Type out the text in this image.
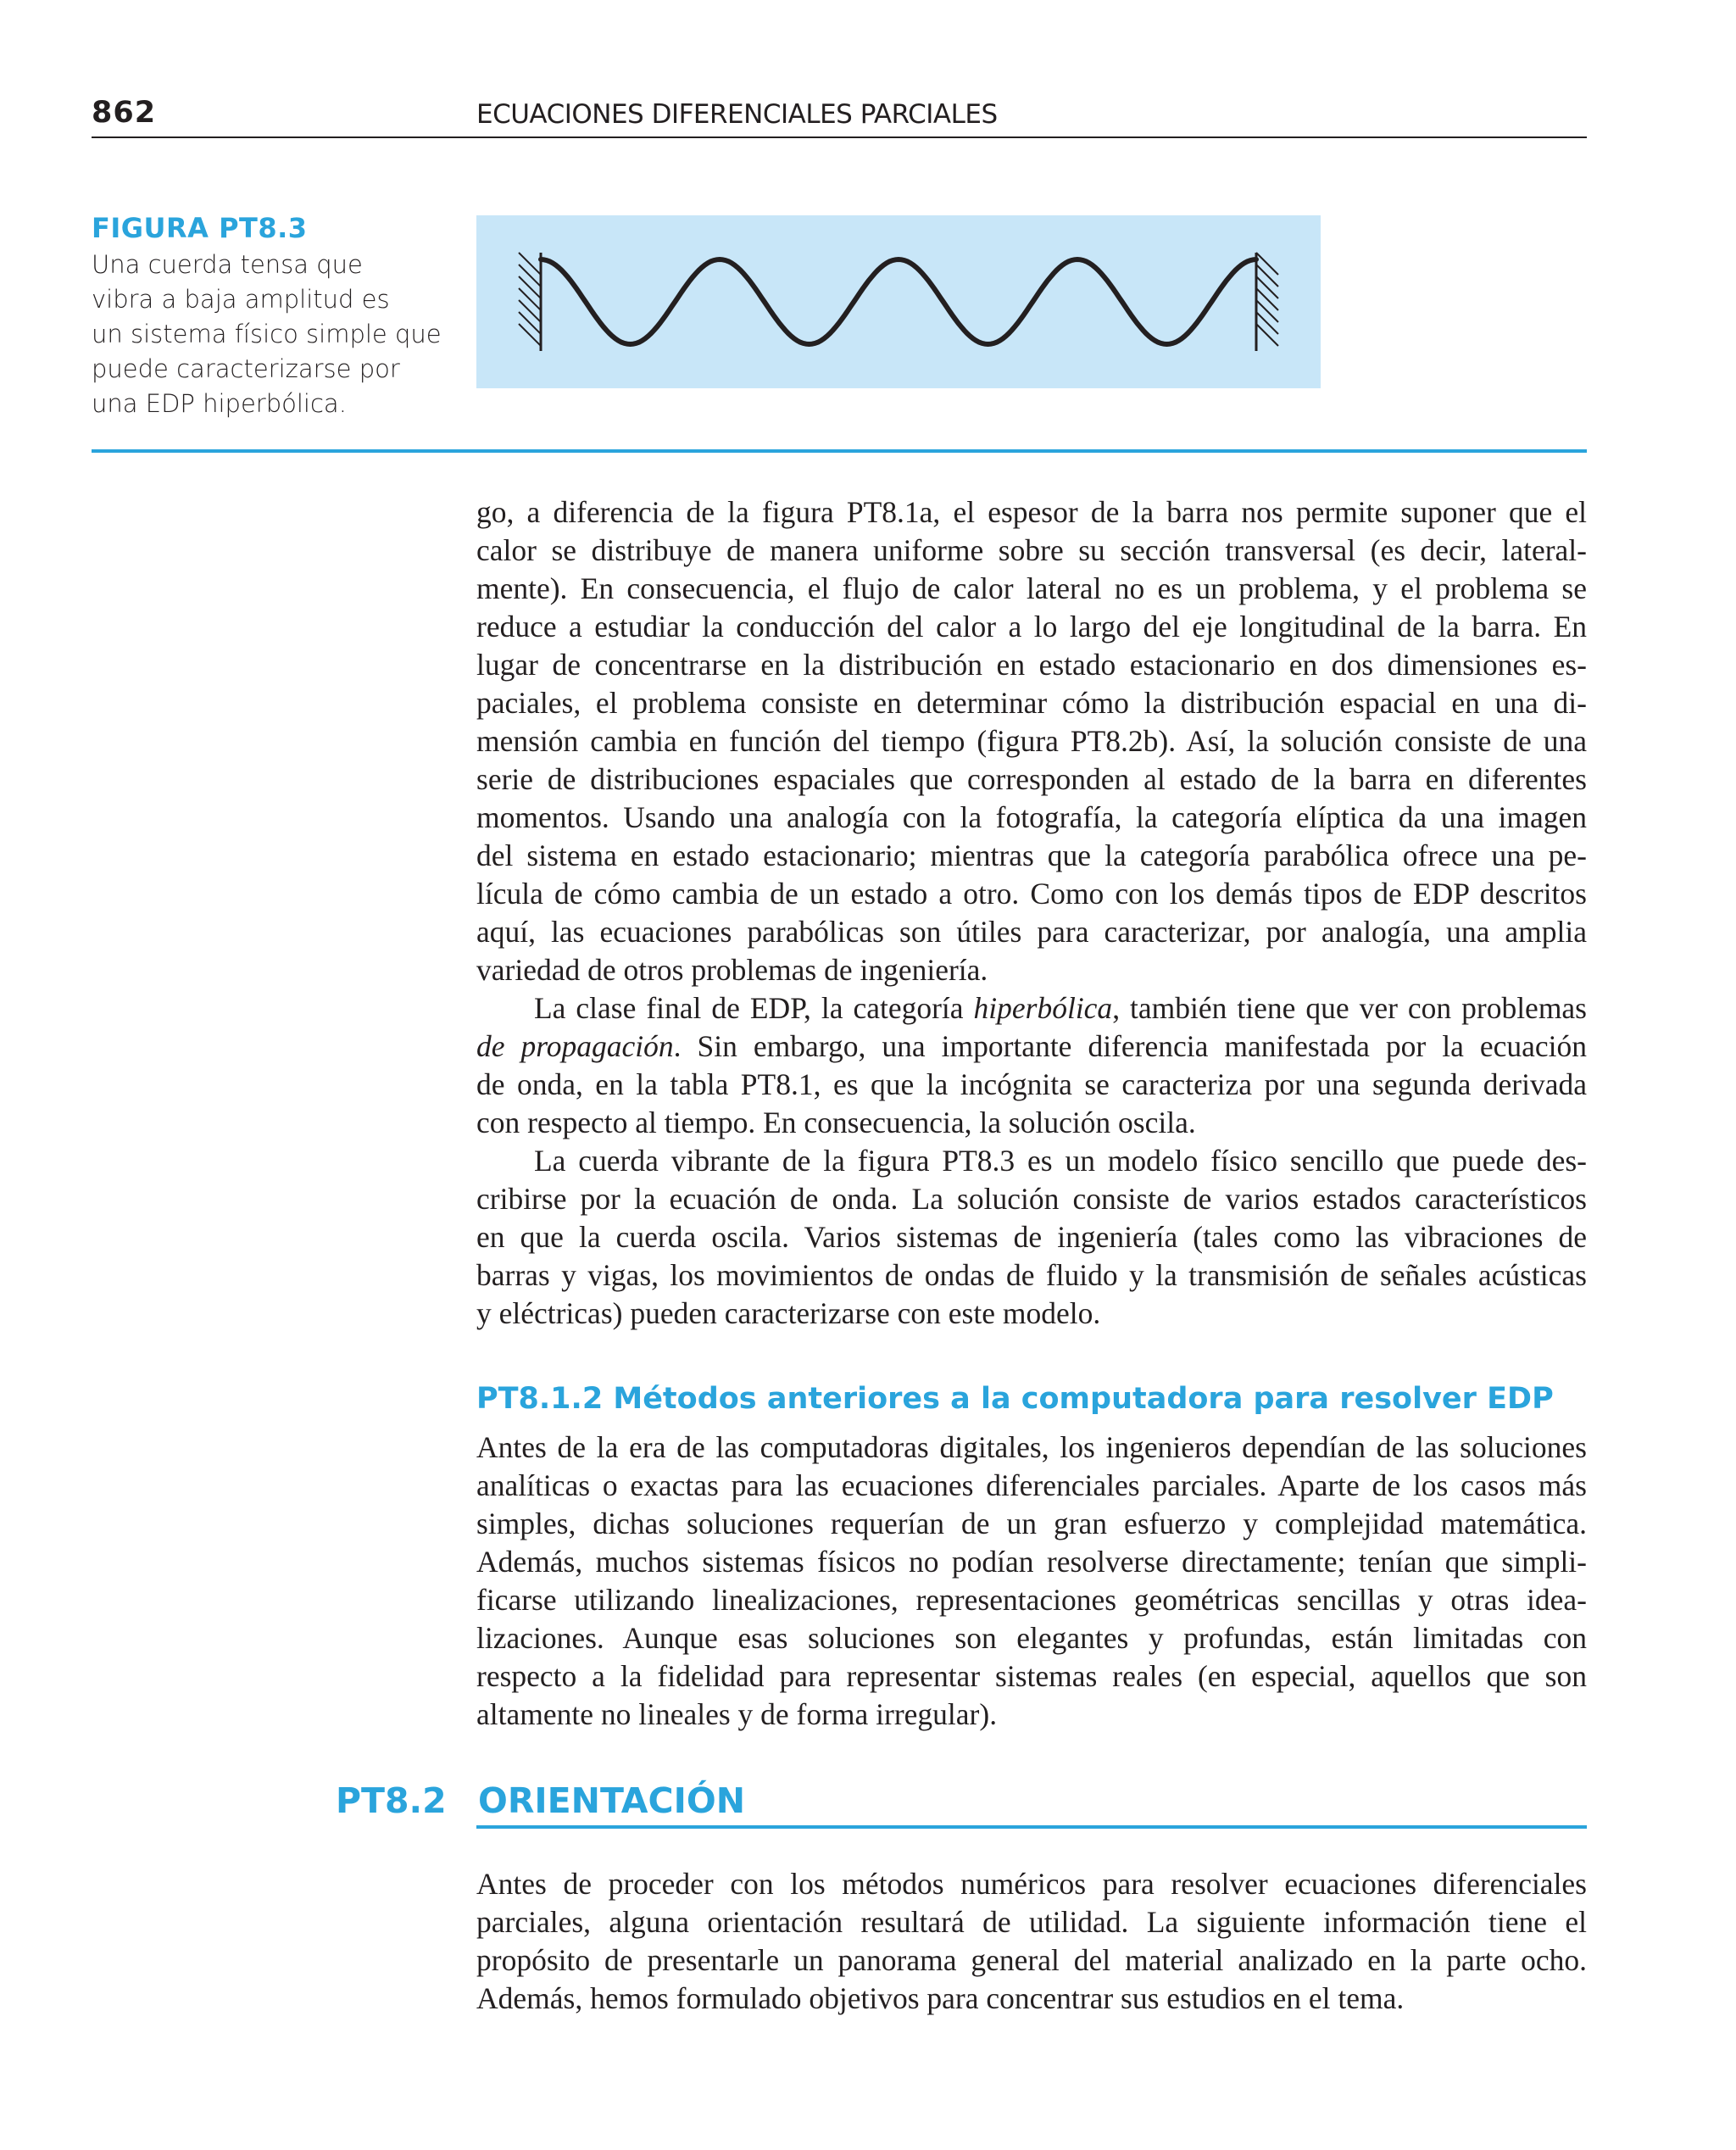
862	ECUACIONES DIFERENCIALES PARCIALES
FIGURA PT8.3
Una cuerda tensa que
vibra a baja amplitud es
un sistema físico simple que
puede caracterizarse por
una EDP hiperbólica.
go, a diferencia de la figura PT8.1a, el espesor de la barra nos permite suponer que el
calor se distribuye de manera uniforme sobre su sección transversal (es decir, lateral-
mente). En consecuencia, el flujo de calor lateral no es un problema, y el problema se
reduce a estudiar la conducción del calor a lo largo del eje longitudinal de la barra. En
lugar de concentrarse en la distribución en estado estacionario en dos dimensiones es-
paciales, el problema consiste en determinar cómo la distribución espacial en una di-
mensión cambia en función del tiempo (figura PT8.2b). Así, la solución consiste de una
serie de distribuciones espaciales que corresponden al estado de la barra en diferentes
momentos. Usando una analogía con la fotografía, la categoría elíptica da una imagen
del sistema en estado estacionario; mientras que la categoría parabólica ofrece una pe-
lícula de cómo cambia de un estado a otro. Como con los demás tipos de EDP descritos
aquí, las ecuaciones parabólicas son útiles para caracterizar, por analogía, una amplia
variedad de otros problemas de ingeniería.
La clase final de EDP, la categoría hiperbólica, también tiene que ver con problemas
de propagación. Sin embargo, una importante diferencia manifestada por la ecuación
de onda, en la tabla PT8.1, es que la incógnita se caracteriza por una segunda derivada
con respecto al tiempo. En consecuencia, la solución oscila.
La cuerda vibrante de la figura PT8.3 es un modelo físico sencillo que puede des-
cribirse por la ecuación de onda. La solución consiste de varios estados característicos
en que la cuerda oscila. Varios sistemas de ingeniería (tales como las vibraciones de
barras y vigas, los movimientos de ondas de fluido y la transmisión de señales acústicas
y eléctricas) pueden caracterizarse con este modelo.
PT8.1.2 Métodos anteriores a la computadora para resolver EDP
Antes de la era de las computadoras digitales, los ingenieros dependían de las soluciones
analíticas o exactas para las ecuaciones diferenciales parciales. Aparte de los casos más
simples, dichas soluciones requerían de un gran esfuerzo y complejidad matemática.
Además, muchos sistemas físicos no podían resolverse directamente; tenían que simpli-
ficarse utilizando linealizaciones, representaciones geométricas sencillas y otras idea-
lizaciones. Aunque esas soluciones son elegantes y profundas, están limitadas con
respecto a la fidelidad para representar sistemas reales (en especial, aquellos que son
altamente no lineales y de forma irregular).
PT8.2 ORIENTACIÓN
Antes de proceder con los métodos numéricos para resolver ecuaciones diferenciales
parciales, alguna orientación resultará de utilidad. La siguiente información tiene el
propósito de presentarle un panorama general del material analizado en la parte ocho.
Además, hemos formulado objetivos para concentrar sus estudios en el tema.
